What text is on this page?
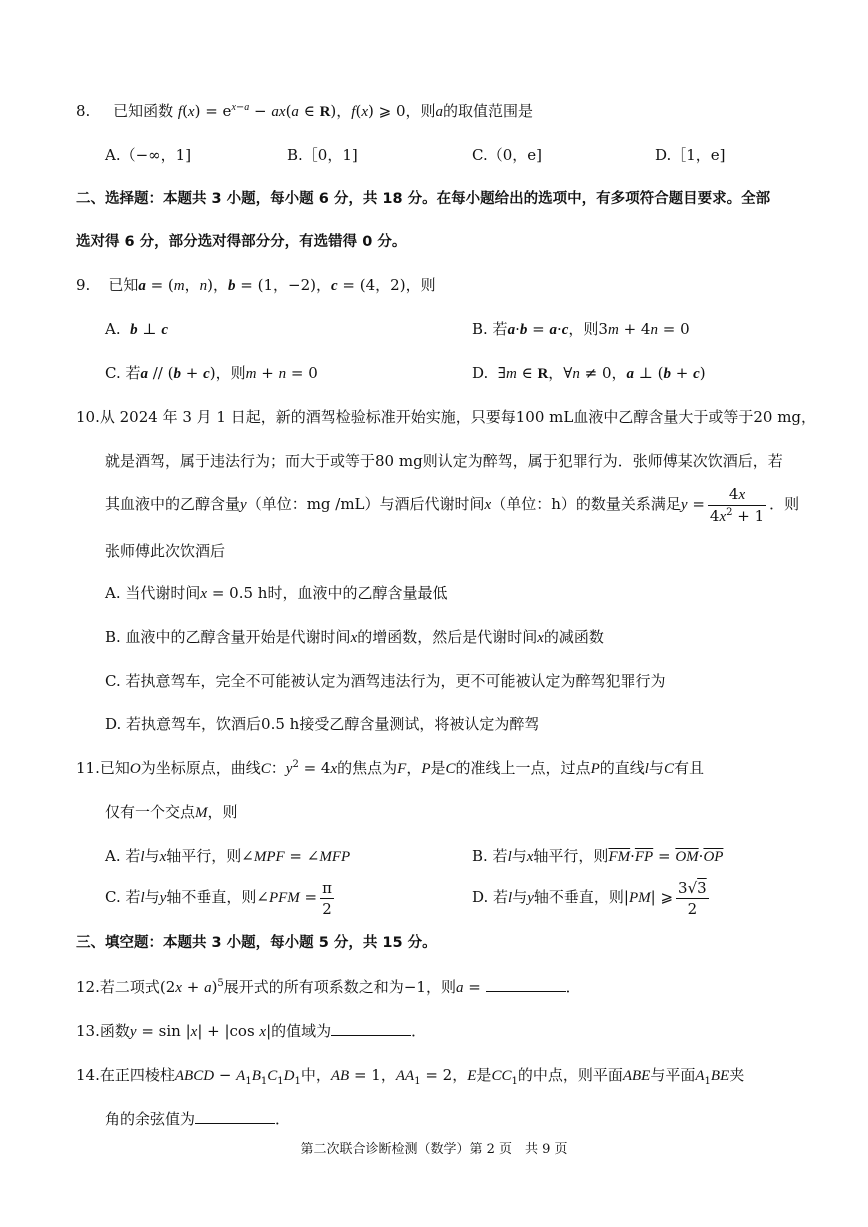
8. 已知函数 $f(x) = e^{x-a} - ax(a$ ∈ R)，f(x) ⩾ 0，则a的取值范围是
A.（−∞，1]	B.［0，1]	C.（0，e]	D.［1，e]
二、选择题：本题共 3 小题，每小题 6 分，共 18 分。在每小题给出的选项中，有多项符合题目要求。全部
选对得 6 分，部分选对得部分分，有选错得 0 分。
9. 已知a = (m，n)，b = (1，−2)，c = (4，2)，则
A. b ⊥ c	B. 若a·b = a·c，则3m + 4n = 0
C. 若a // (b + c)，则m + n = 0	D.  ∃m ∈ R，∀n ≠ 0，a ⊥ (b + c)
10.从 2024 年 3 月 1 日起，新的酒驾检验标准开始实施，只要每100 mL血液中乙醇含量大于或等于20 mg，
就是酒驾，属于违法行为；而大于或等于80 mg则认定为醉驾，属于犯罪行为．张师傅某次饮酒后，若
其血液中的乙醇含量y（单位：mg /mL）与酒后代谢时间x（单位：h）的数量关系满足$y = \frac{4x}{4x^2 + 1}$ ．则
张师傅此次饮酒后
A. 当代谢时间x = 0.5 h时，血液中的乙醇含量最低
B. 血液中的乙醇含量开始是代谢时间x的增函数，然后是代谢时间x的减函数
C. 若执意驾车，完全不可能被认定为酒驾违法行为，更不可能被认定为醉驾犯罪行为
D. 若执意驾车，饮酒后0.5 h接受乙醇含量测试，将被认定为醉驾
11.已知O为坐标原点，曲线C：$y^2 = 4x$的焦点为F，P是C的准线上一点，过点P的直线l与C有且
仅有一个交点M，则
A. 若l与x轴平行，则∠MPF = ∠MFP	B. 若l与x轴平行，则$\overline{FM}\cdot\overline{FP} = \overline{OM}\cdot\overline{OP}$
C. 若l与y轴不垂直，则∠PFM = $\frac{\pi}{2}$	D. 若l与y轴不垂直，则|PM| ⩾ $\frac{3√3}{2}$
三、填空题：本题共 3 小题，每小题 5 分，共 15 分。
12.若二项式$(2x + a)^5$展开式的所有项系数之和为−1，则a =	．
13.函数y = sin |x| + |cos x|的值域为	．
14.在正四棱柱ABCD − $A_1B_1C_1D_1$中，AB = 1，$AA_1 = 2$，E是$CC_1$的中点，则平面ABE与平面$A_1BE$夹
角的余弦值为	．
第二次联合诊断检测（数学）第 2 页　共 9 页
